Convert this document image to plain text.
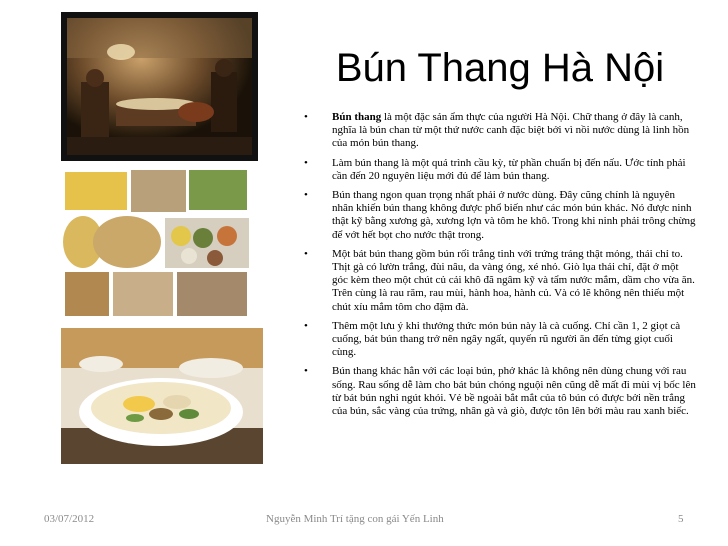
Bún Thang Hà Nội
• Bún thang là một đặc sản ẩm thực của người Hà Nội. Chữ thang ở đây là canh, nghĩa là bún chan từ một thứ nước canh đặc biệt bởi vì nồi nước dùng là linh hồn của món bún thang.
• Làm bún thang là một quá trình cầu kỳ, từ phần chuẩn bị đến nấu. Ước tính phải cần đến 20 nguyên liệu mới đủ để làm bún thang.
• Bún thang ngon quan trọng nhất phải ở nước dùng. Đây cũng chính là nguyên nhân khiến bún thang không được phổ biến như các món bún khác. Nó được ninh thật kỹ bằng xương gà, xương lợn và tôm he khô. Trong khi ninh phải trông chừng để vớt hết bọt cho nước thật trong.
• Một bát bún thang gồm bún rối trắng tinh với trứng tráng thật mỏng, thái chỉ to. Thịt gà có lườn trắng, đùi nâu, da vàng óng, xé nhỏ. Giò lụa thái chỉ, đặt ở một góc kèm theo một chút củ cải khô đã ngâm kỹ và tẩm nước mắm, dầm cho vừa ăn. Trên cùng là rau răm, rau mùi, hành hoa, hành củ. Và có lẽ không nên thiếu một chút xíu mắm tôm cho đậm đà.
• Thêm một lưu ý khi thưởng thức món bún này là cà cuống. Chỉ cần 1, 2 giọt cà cuống, bát bún thang trở nên ngây ngất, quyến rũ người ăn đến từng giọt cuối cùng.
• Bún thang khác hẳn với các loại bún, phở khác là không nên dùng chung với rau sống. Rau sống dễ làm cho bát bún chóng nguội nên cũng dễ mất đi mùi vị bốc lên từ bát bún nghi ngút khói. Vẻ bề ngoài bắt mắt của tô bún có được bởi nền trắng của bún, sắc vàng của trứng, nhân gà và giò, được tôn lên bởi màu rau xanh biếc.
03/07/2012	Nguyễn Minh Trí tặng con gái Yến Linh	5
